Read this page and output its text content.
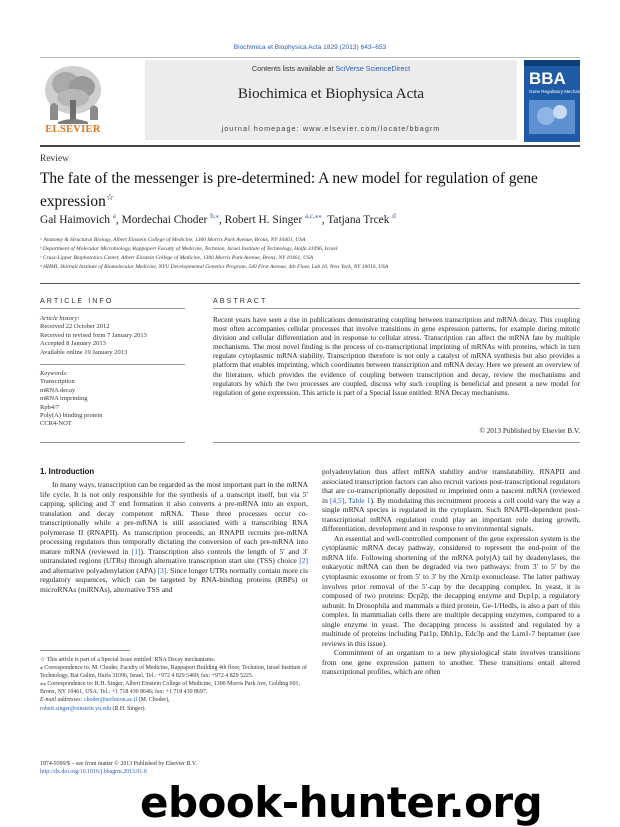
Biochimica et Biophysica Acta 1829 (2013) 643–653
ELSEVIER
Contents lists available at SciVerse ScienceDirect
Biochimica et Biophysica Acta
journal homepage: www.elsevier.com/locate/bbagrm
BBA
Gene Regulatory Mechanisms
Review
The fate of the messenger is pre-determined: A new model for regulation of gene expression☆
Gal Haimovich $^a$, Mordechai Choder $^{b,⁎}$, Robert H. Singer $^{a,c,⁎⁎}$, Tatjana Trcek $^d$
ᵃ Anatomy & Structural Biology, Albert Einstein College of Medicine, 1300 Morris Park Avenue, Bronx, NY 10461, USA
ᵇ Department of Molecular Microbiology, Rappaport Faculty of Medicine, Technion, Israel Institute of Technology, Haifa 31096, Israel
ᶜ Cruss-Lipper Biophotonics Center, Albert Einstein College of Medicine, 1300 Morris Park Avenue, Bronx, NY 10461, USA
ᵈ HHMI, Skirball Institute of Biomolecular Medicine, NYU Developmental Genetics Program, 540 First Avenue, 4th Floor, Lab 10, New York, NY 10016, USA
ARTICLE INFO
Article history:
Received 22 October 2012
Received in revised form 7 January 2013
Accepted 8 January 2013
Available online 19 January 2013
Keywords:
Transcription
mRNA decay
mRNA imprinting
Rpb4/7
Poly(A) binding protein
CCR4-NOT
ABSTRACT
Recent years have seen a rise in publications demonstrating coupling between transcription and mRNA decay. This coupling most often accompanies cellular processes that involve transitions in gene expression patterns, for example during mitotic division and cellular differentiation and in response to cellular stress. Transcription can affect the mRNA fate by multiple mechanisms. The most novel finding is the process of co-transcriptional imprinting of mRNAs with proteins, which in turn regulate cytoplasmic mRNA stability. Transcription therefore is not only a catalyst of mRNA synthesis but also provides a platform that enables imprinting, which coordinates between transcription and mRNA decay. Here we present an overview of the literature, which provides the evidence of coupling between transcription and decay, review the mechanisms and regulators by which the two processes are coupled, discuss why such coupling is beneficial and present a new model for regulation of gene expression. This article is part of a Special Issue entitled: RNA Decay mechanisms.
© 2013 Published by Elsevier B.V.
1. Introduction

In many ways, transcription can be regarded as the most important part in the mRNA life cycle. It is not only responsible for the synthesis of a transcript itself, but via 5′ capping, splicing and 3′ end formation it also converts a pre-mRNA into an export, translation and decay competent mRNA. These three processes occur co-transcriptionally while a pre-mRNA is still associated with a transcribing RNA polymerase II (RNAPII). As transcription proceeds, an RNAPII recruits pre-mRNA processing regulators thus temporally dictating the conversion of each pre-mRNA into mature mRNA (reviewed in [1]). Transcription also controls the length of 5′ and 3′ untranslated regions (UTRs) through alternative transcription start site (TSS) choice [2] and alternative polyadenylation (APA) [3]. Since longer UTRs normally contain more cis regulatory sequences, which can be targeted by RNA-binding proteins (RBPs) or microRNAs (miRNAs), alternative TSS and

polyadenylation thus affect mRNA stability and/or translatability. RNAPII and associated transcription factors can also recruit various post-transcriptional regulators that are co-transcriptionally deposited or imprinted onto a nascent mRNA (reviewed in [4,5], Table 1). By modulating this recruitment process a cell could vary the way a single mRNA species is regulated in the cytoplasm. Such RNAPII-dependent post-transcriptional mRNA regulation could play an important role during growth, differentiation, development and in response to environmental signals.

An essential and well-controlled component of the gene expression system is the cytoplasmic mRNA decay pathway, considered to represent the end-point of the mRNA life. Following shortening of the mRNA poly(A) tail by deadenylases, the eukaryotic mRNA can then be degraded via two pathways: from 3′ to 5′ by the cytoplasmic exosome or from 5′ to 3′ by the Xrn1p exonuclease. The latter pathway involves prior removal of the 5′-cap by the decapping complex. In yeast, it is composed of two proteins: Dcp2p, the decapping enzyme and Dcp1p, a regulatory subunit. In Drosophila and mammals a third protein, Ge-1/Hedls, is also a part of this complex. In mammalian cells there are multiple decapping enzymes, compared to a single enzyme in yeast. The decapping process is assisted and regulated by a multitude of proteins including Pat1p, Dhh1p, Edc3p and the Lsm1-7 heptamer (see reviews in this issue).

Commitment of an organism to a new physiological state involves transitions from one gene expression pattern to another. These transitions entail altered transcriptional profiles, which are often

☆ This article is part of a Special Issue entitled: RNA Decay mechanisms.
⁎ Correspondence to: M. Choder, Faculty of Medicine, Rappaport Building 4th floor, Technion, Israel Institute of Technology, Bat Galim, Haifa 31096, Israel. Tel.: +972 4 829 5460; fax: +972 4 829 5225.
⁎⁎ Correspondence to: R.H. Singer, Albert Einstein College of Medicine, 1300 Morris Park Ave, Golding 601, Bronx, NY 10461, USA. Tel.: +1 718 430 8646; fax: +1 718 430 8697.
E-mail addresses: choder@technion.ac.il (M. Choder),
robert.singer@einstein.yu.edu (R.H. Singer).
1874-9399/$ – see front matter © 2013 Published by Elsevier B.V.
http://dx.doi.org/10.1016/j.bbagrm.2013.01.0
ebook-hunter.org
